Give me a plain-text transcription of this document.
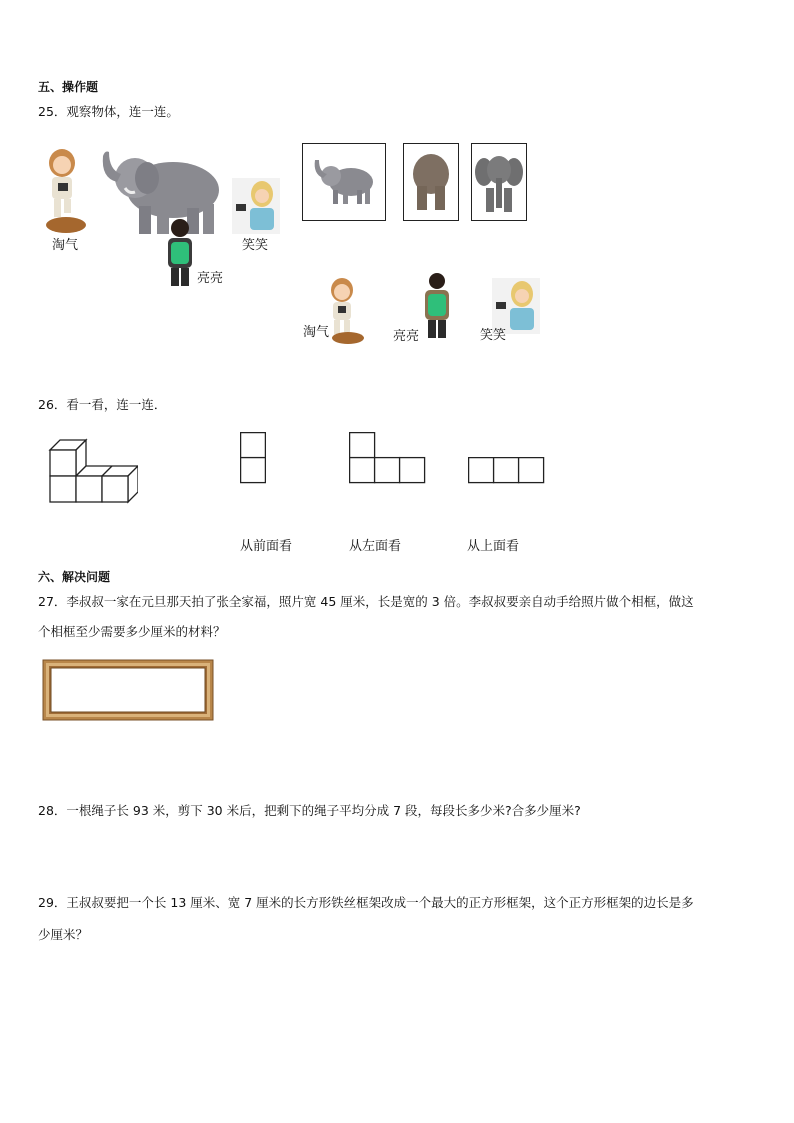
五、操作题
25．观察物体，连一连。
淘气
亮亮
笑笑
淘气	亮亮	笑笑
26．看一看，连一连．
从前面看	从左面看	从上面看
六、解决问题
27．李叔叔一家在元旦那天拍了张全家福，照片宽 45 厘米，长是宽的 3 倍。李叔叔要亲自动手给照片做个相框，做这
个相框至少需要多少厘米的材料？
28．一根绳子长 93 米，剪下 30 米后，把剩下的绳子平均分成 7 段，每段长多少米?合多少厘米?
29．王叔叔要把一个长 13 厘米、宽 7 厘米的长方形铁丝框架改成一个最大的正方形框架，这个正方形框架的边长是多
少厘米？
